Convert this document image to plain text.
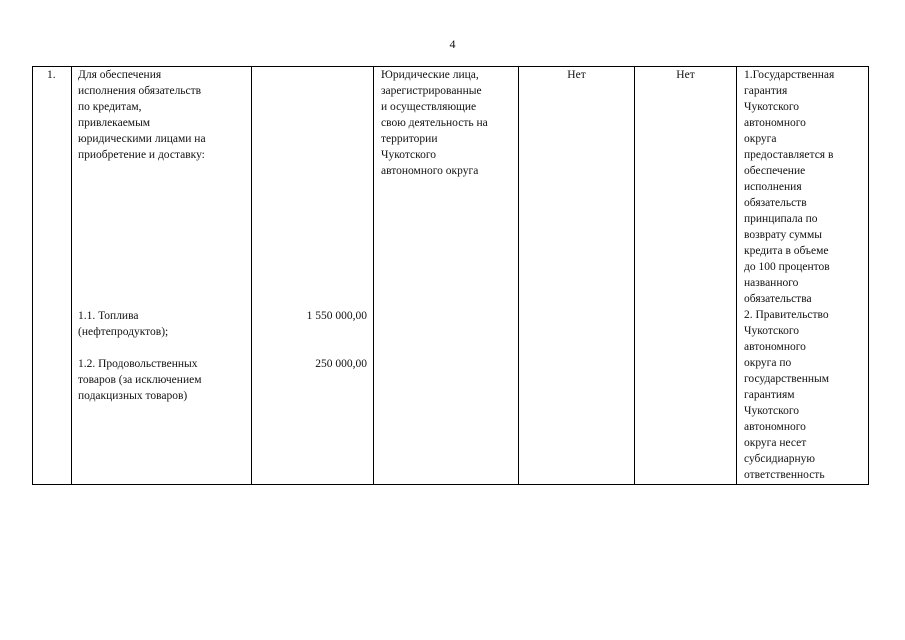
4
1. Для обеспечения
исполнения обязательств
по кредитам,
привлекаемым
юридическими лицами на
приобретение и доставку:
1.1. Топлива
(нефтепродуктов);
1.2. Продовольственных
товаров (за исключением
подакцизных товаров)
1 550 000,00
250 000,00
Юридические лица,
зарегистрированные
и осуществляющие
свою деятельность на
территории
Чукотского
автономного округа
Нет	Нет	1.Государственная
гарантия
Чукотского
автономного
округа
предоставляется в
обеспечение
исполнения
обязательств
принципала по
возврату суммы
кредита в объеме
до 100 процентов
названного
обязательства
2. Правительство
Чукотского
автономного
округа по
государственным
гарантиям
Чукотского
автономного
округа несет
субсидиарную
ответственность
